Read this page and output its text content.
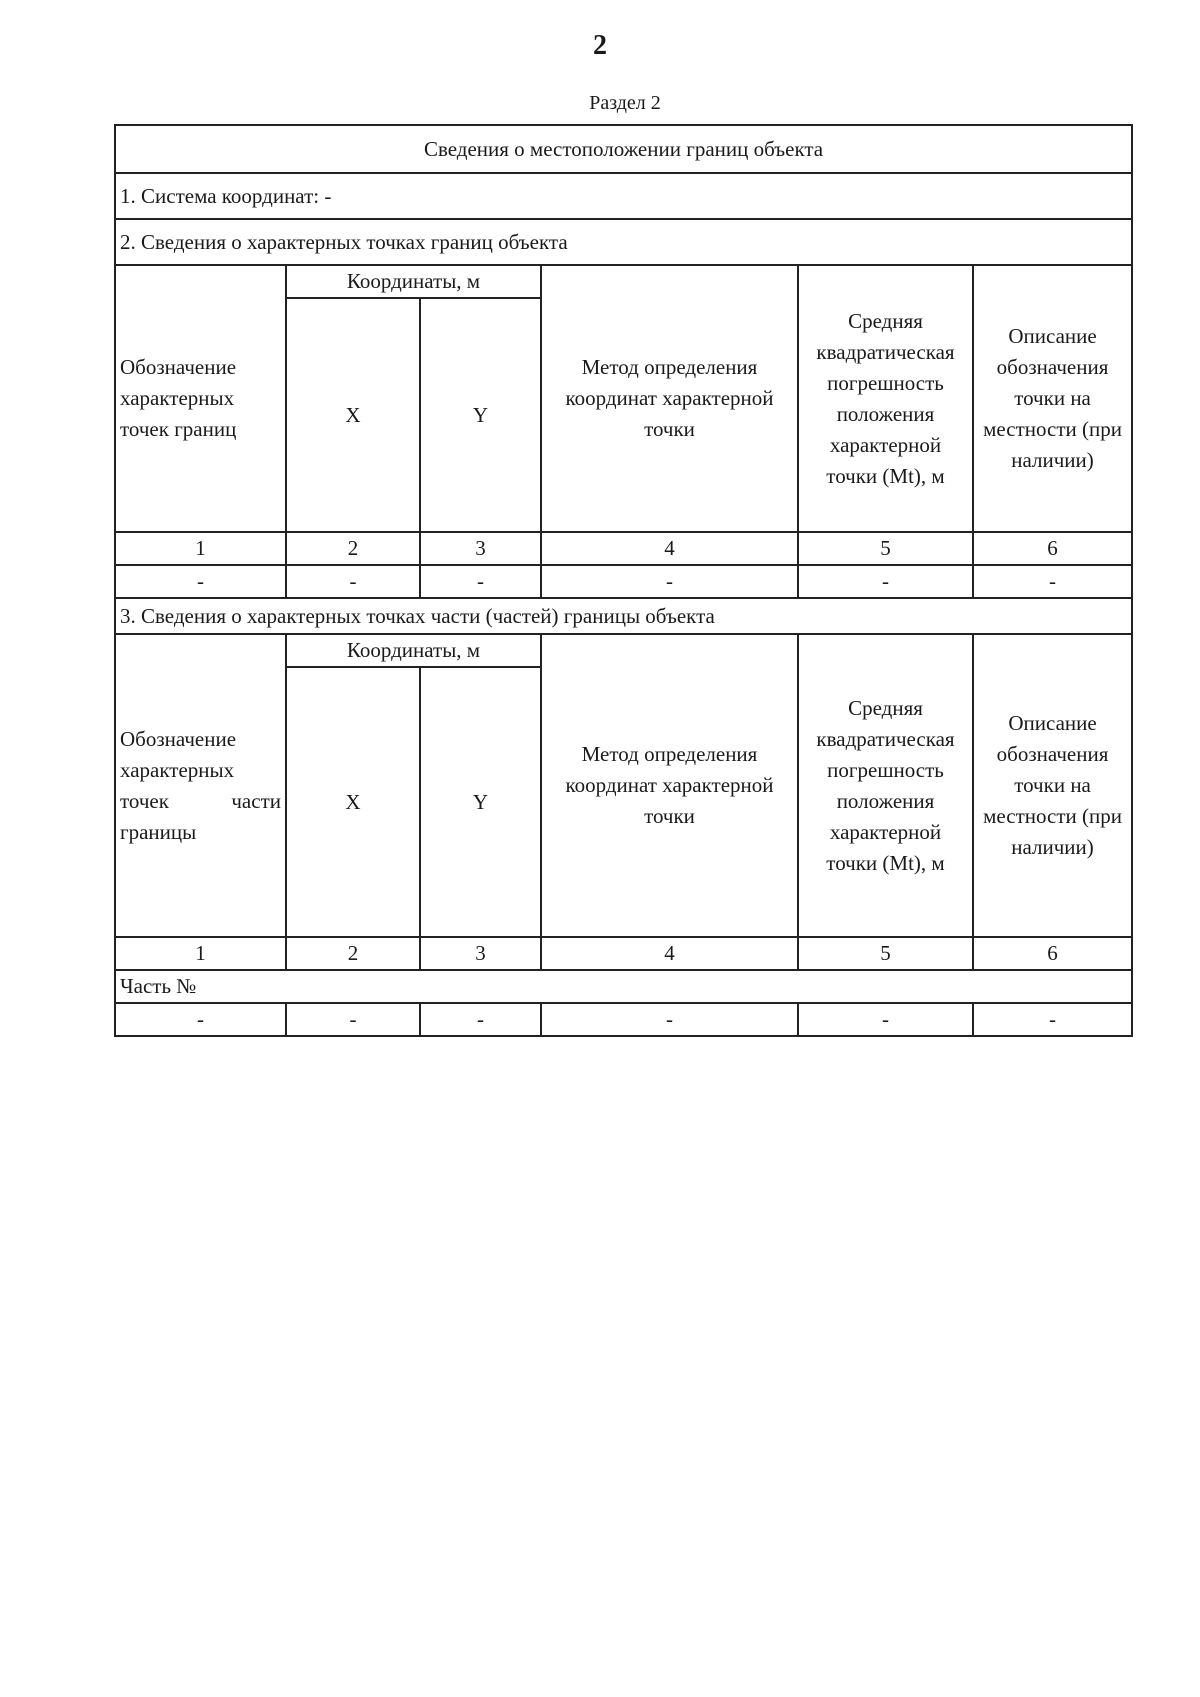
2
Раздел 2
Сведения о местоположении границ объекта					
1. Система координат: -					
2. Сведения о характерных точках границ объекта					
Обозначение характерных точек границ	Координаты, м		Метод определения координат характерной точки	Средняя квадратическая погрешность положения характерной точки (Mt), м	Описание обозначения точки на местности (при наличии)
	X	Y			
1	2	3	4	5	6
-	-	-	-	-	-
3. Сведения о характерных точках части (частей) границы объекта					

Обозначение
характерных
точек части
границы	Координаты, м		Метод определения координат характерной точки	Средняя квадратическая погрешность положения характерной точки (Mt), м	Описание обозначения точки на местности (при наличии)
	X	Y			
1	2	3	4	5	6
Часть №					
-	-	-	-	-	-
